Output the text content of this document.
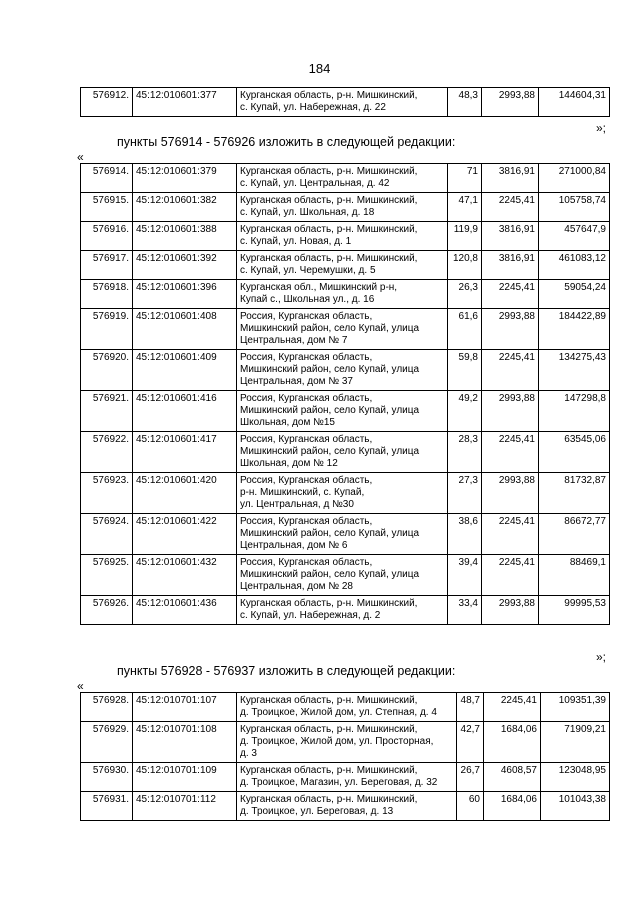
184
576912.	45:12:010601:377	Курганская область, р-н. Мишкинский,
с. Купай, ул. Набережная, д. 22
	48,3	2993,88	144604,31
»;
пункты 576914 - 576926 изложить в следующей редакции:
«
576914.	45:12:010601:379	Курганская область, р-н. Мишкинский,
с. Купай, ул. Центральная, д. 42	71	3816,91	271000,84
576915.	45:12:010601:382	Курганская область, р-н. Мишкинский,
с. Купай, ул. Школьная, д. 18	47,1	2245,41	105758,74
576916.	45:12:010601:388	Курганская область, р-н. Мишкинский,
с. Купай, ул. Новая, д. 1	119,9	3816,91	457647,9
576917.	45:12:010601:392	Курганская область, р-н. Мишкинский,
с. Купай, ул. Черемушки, д. 5	120,8	3816,91	461083,12
576918.	45:12:010601:396	Курганская обл., Мишкинский р-н,
Купай с., Школьная ул., д. 16	26,3	2245,41	59054,24
576919.	45:12:010601:408	Россия, Курганская область,
Мишкинский район, село Купай, улица
Центральная, дом № 7	61,6	2993,88	184422,89
576920.	45:12:010601:409	Россия, Курганская область,
Мишкинский район, село Купай, улица
Центральная, дом № 37	59,8	2245,41	134275,43
576921.	45:12:010601:416	Россия, Курганская область,
Мишкинский район, село Купай, улица
Школьная, дом №15	49,2	2993,88	147298,8
576922.	45:12:010601:417	Россия, Курганская область,
Мишкинский район, село Купай, улица
Школьная, дом № 12	28,3	2245,41	63545,06
576923.	45:12:010601:420	Россия, Курганская область,
р-н. Мишкинский, с. Купай,
ул. Центральная, д №30	27,3	2993,88	81732,87
576924.	45:12:010601:422	Россия, Курганская область,
Мишкинский район, село Купай, улица
Центральная, дом № 6	38,6	2245,41	86672,77
576925.	45:12:010601:432	Россия, Курганская область,
Мишкинский район, село Купай, улица
Центральная, дом № 28	39,4	2245,41	88469,1
576926.	45:12:010601:436	Курганская область, р-н. Мишкинский,
с. Купай, ул. Набережная, д. 2	33,4	2993,88	99995,53
»;
пункты 576928 - 576937 изложить в следующей редакции:
«
576928.	45:12:010701:107	Курганская область, р-н. Мишкинский,
д. Троицкое, Жилой дом, ул. Степная, д. 4	48,7	2245,41	109351,39
576929.	45:12:010701:108	Курганская область, р-н. Мишкинский,
д. Троицкое, Жилой дом, ул. Просторная,
д. 3	42,7	1684,06	71909,21
576930.	45:12:010701:109	Курганская область, р-н. Мишкинский,
д. Троицкое, Магазин, ул. Береговая, д. 32	26,7	4608,57	123048,95
576931.	45:12:010701:112	Курганская область, р-н. Мишкинский,
д. Троицкое, ул. Береговая, д. 13	60	1684,06	101043,38
